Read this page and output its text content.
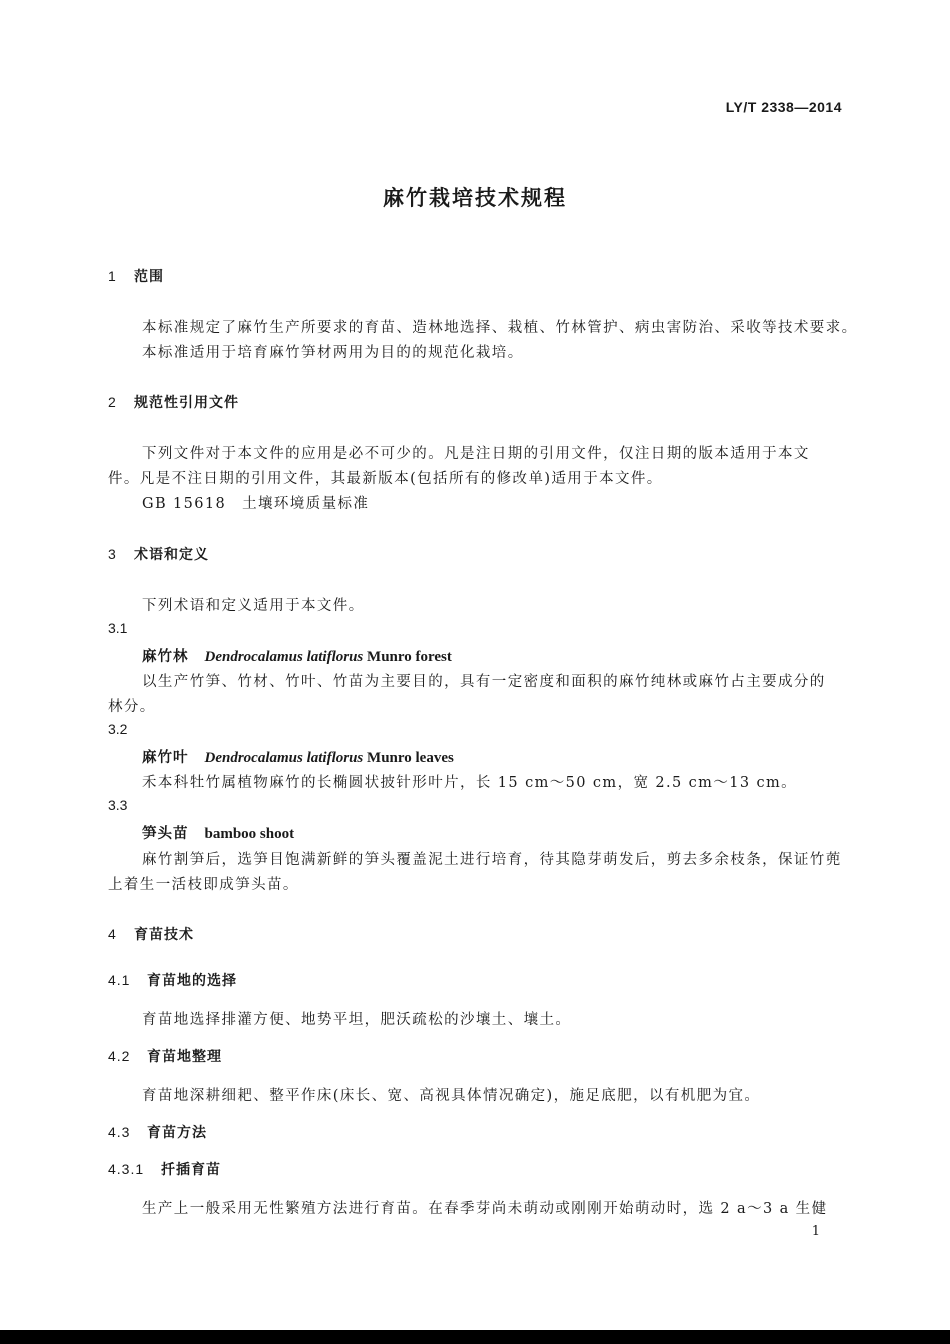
LY/T 2338—2014
麻竹栽培技术规程
1 范围
本标准规定了麻竹生产所要求的育苗、造林地选择、栽植、竹林管护、病虫害防治、采收等技术要求。
本标准适用于培育麻竹笋材两用为目的的规范化栽培。
2 规范性引用文件
下列文件对于本文件的应用是必不可少的。凡是注日期的引用文件，仅注日期的版本适用于本文
件。凡是不注日期的引用文件，其最新版本(包括所有的修改单)适用于本文件。
GB 15618　土壤环境质量标准
3 术语和定义
下列术语和定义适用于本文件。
3.1
麻竹林 Dendrocalamus latiflorus Munro forest
以生产竹笋、竹材、竹叶、竹苗为主要目的，具有一定密度和面积的麻竹纯林或麻竹占主要成分的
林分。
3.2
麻竹叶 Dendrocalamus latiflorus Munro leaves
禾本科牡竹属植物麻竹的长椭圆状披针形叶片，长 15 cm～50 cm，宽 2.5 cm～13 cm。
3.3
笋头苗 bamboo shoot
麻竹割笋后，选笋目饱满新鲜的笋头覆盖泥土进行培育，待其隐芽萌发后，剪去多余枝条，保证竹蔸
上着生一活枝即成笋头苗。
4 育苗技术
4.1 育苗地的选择
育苗地选择排灌方便、地势平坦，肥沃疏松的沙壤土、壤土。
4.2 育苗地整理
育苗地深耕细耙、整平作床(床长、宽、高视具体情况确定)，施足底肥，以有机肥为宜。
4.3 育苗方法
4.3.1 扦插育苗
生产上一般采用无性繁殖方法进行育苗。在春季芽尚未萌动或刚刚开始萌动时，选 2 a～3 a 生健
1
